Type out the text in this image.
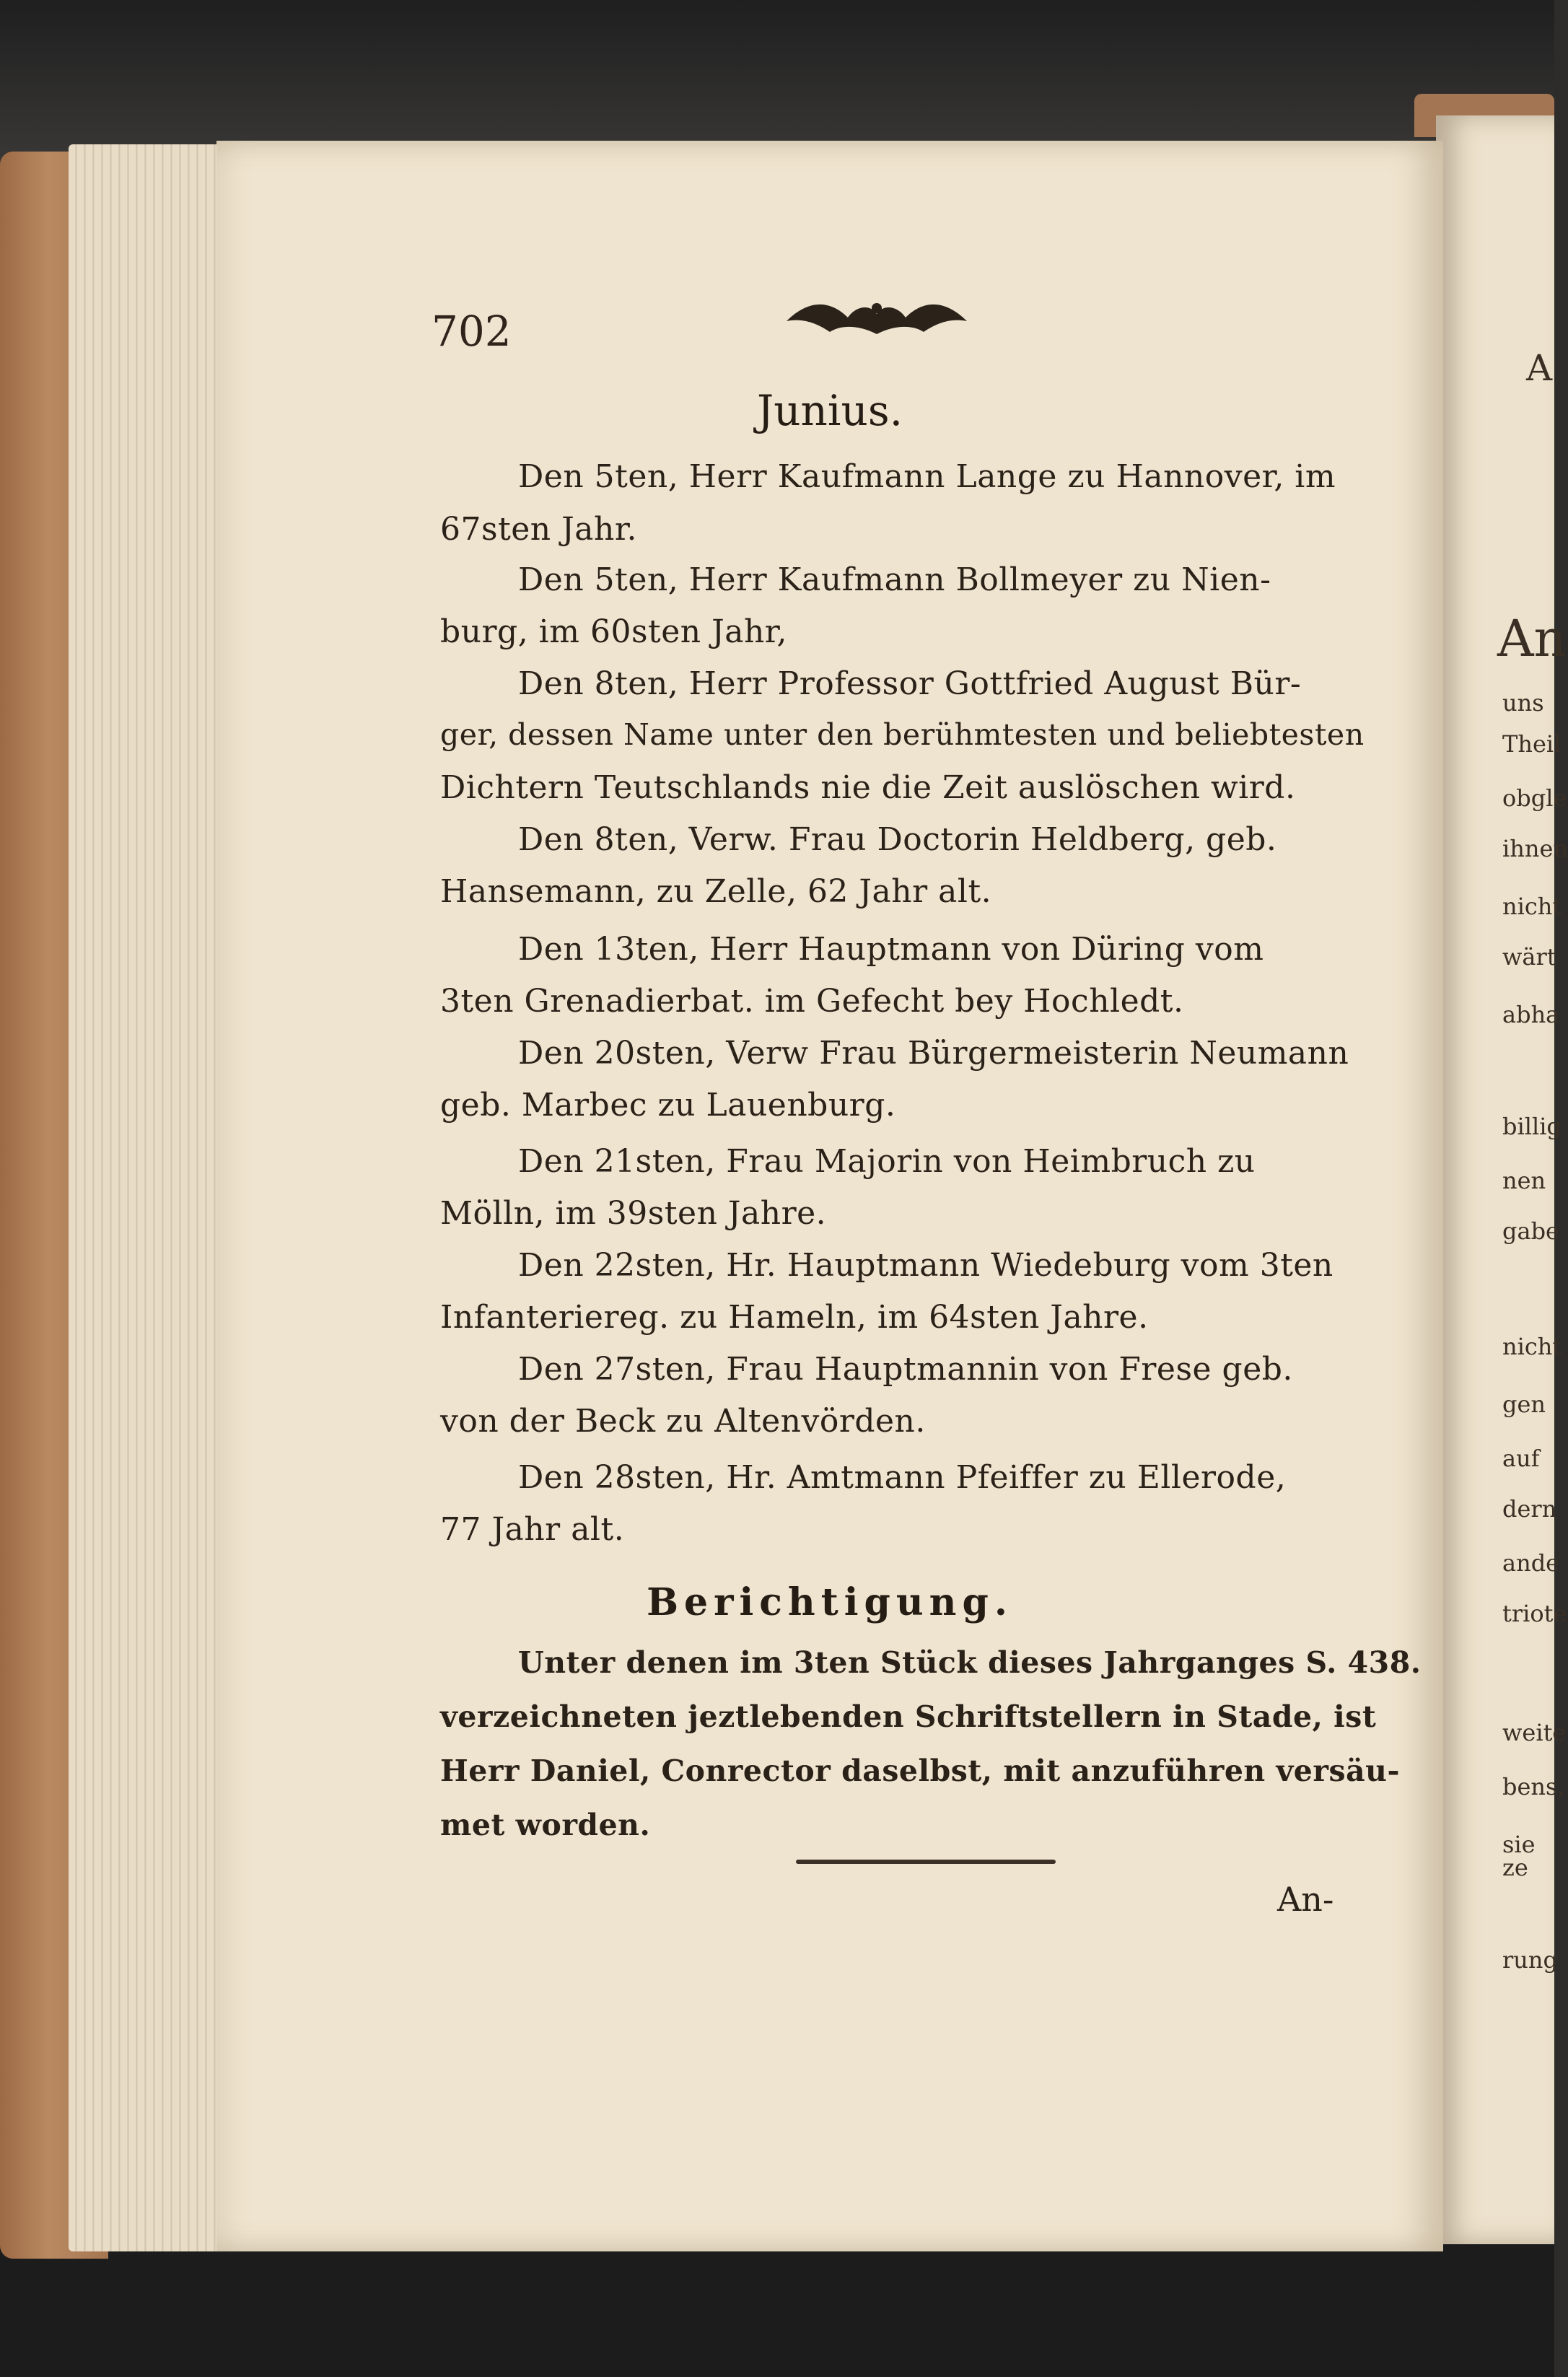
A
An
uns
Theil
obgle
ihnen
nicht
wärt
abha
billig
nen
gabe
nicht
gen
auf
dern
ande
triote
weite
bens,
sie ze
rung
702
Junius.
Den 5ten, Herr Kaufmann Lange zu Hannover, im
67sten Jahr.
Den 5ten, Herr Kaufmann Bollmeyer zu Nien‑
burg, im 60sten Jahr,
Den 8ten, Herr Professor Gottfried August Bür‑
ger, dessen Name unter den berühmtesten und beliebtesten
Dichtern Teutschlands nie die Zeit auslöschen wird.
Den 8ten, Verw. Frau Doctorin Heldberg, geb.
Hansemann, zu Zelle, 62 Jahr alt.
Den 13ten, Herr Hauptmann von Düring vom
3ten Grenadierbat. im Gefecht bey Hochledt.
Den 20sten, Verw Frau Bürgermeisterin Neumann
geb. Marbec zu Lauenburg.
Den 21sten, Frau Majorin von Heimbruch zu
Mölln, im 39sten Jahre.
Den 22sten, Hr. Hauptmann Wiedeburg vom 3ten
Infanteriereg. zu Hameln, im 64sten Jahre.
Den 27sten, Frau Hauptmannin von Frese geb.
von der Beck zu Altenvörden.
Den 28sten, Hr. Amtmann Pfeiffer zu Ellerode,
77 Jahr alt.
Berichtigung.
Unter denen im 3ten Stück dieses Jahrganges S. 438.
verzeichneten jeztlebenden Schriftstellern in Stade, ist
Herr Daniel, Conrector daselbst, mit anzuführen versäu‑
met worden.
An‑
